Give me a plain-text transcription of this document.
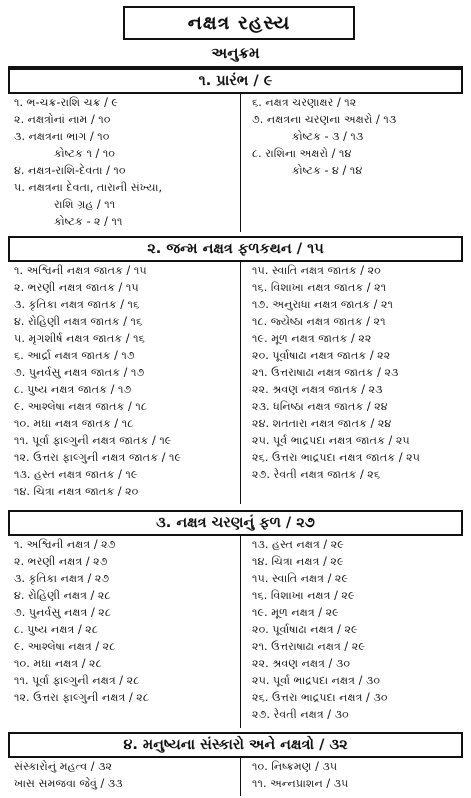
નક્ષત્ર રહસ્ય
અનુક્રમ
૧. પ્રારંભ / ૯
૧. ભ-ચક્ર-રાશિ ચક્ર / ૯
૨. નક્ષત્રોનાં નામ / ૧૦
૩. નક્ષત્રના ભાગ / ૧૦
કોષ્ટક ૧ / ૧૦
૪. નક્ષત્ર-રાશિ-દેવતા / ૧૦
૫. નક્ષત્રના દેવતા, તારાની સંખ્યા,
રાશિ ગ્રહ / ૧૧
કોષ્ટક - ૨ / ૧૧
૬. નક્ષત્ર ચરણાક્ષર / ૧૨
૭. નક્ષત્રના ચરણના અક્ષરો / ૧૩
કોષ્ટક - ૩ / ૧૩
૮. રાશિના અક્ષરો / ૧૪
કોષ્ટક - ૪ / ૧૪
૨. જન્મ નક્ષત્ર ફળકથન / ૧૫
૧. અશ્વિની નક્ષત્ર જાતક / ૧૫
૨. ભરણી નક્ષત્ર જાતક / ૧૫
૩. કૃતિકા નક્ષત્ર જાતક / ૧૬
૪. રોહિણી નક્ષત્ર જાતક / ૧૬
૫. મૃગશીર્ષ નક્ષત્ર જાતક / ૧૬
૬. આર્દ્રા નક્ષત્ર જાતક / ૧૭
૭. પુનર્વસુ નક્ષત્ર જાતક / ૧૭
૮. પુષ્ય નક્ષત્ર જાતક / ૧૭
૯. આશ્લેષા નક્ષત્ર જાતક / ૧૮
૧૦. મઘા નક્ષત્ર જાતક / ૧૮
૧૧. પૂર્વા ફાલ્ગુની નક્ષત્ર જાતક / ૧૯
૧૨. ઉત્તરા ફાલ્ગુની નક્ષત્ર જાતક / ૧૯
૧૩. હસ્ત નક્ષત્ર જાતક / ૧૯
૧૪. ચિત્રા નક્ષત્ર જાતક / ૨૦
૧૫. સ્વાતિ નક્ષત્ર જાતક / ૨૦
૧૬. વિશાખા નક્ષત્ર જાતક / ૨૧
૧૭. અનુરાધા નક્ષત્ર જાતક / ૨૧
૧૮. જ્યેષ્ઠા નક્ષત્ર જાતક / ૨૧
૧૯. મૂળ નક્ષત્ર જાતક / ૨૨
૨૦. પૂર્વાષાઢા નક્ષત્ર જાતક / ૨૨
૨૧. ઉત્તરાષાઢા નક્ષત્ર જાતક / ૨૩
૨૨. શ્રવણ નક્ષત્ર જાતક / ૨૩
૨૩. ધનિષ્ઠા નક્ષત્ર જાતક / ૨૪
૨૪. શતતારા નક્ષત્ર જાતક / ૨૪
૨૫. પૂર્વ ભાદ્રપદા નક્ષત્ર જાતક / ૨૫
૨૬. ઉત્તરા ભાદ્રપદા નક્ષત્ર જાતક / ૨૫
૨૭. રેવતી નક્ષત્ર જાતક / ૨૬
૩. નક્ષત્ર ચરણનું ફળ / ૨૭
૧. અશ્વિની નક્ષત્ર / ૨૭
૨. ભરણી નક્ષત્ર / ૨૭
૩. કૃતિકા નક્ષત્ર / ૨૭
૪. રોહિણી નક્ષત્ર / ૨૮
૭. પુનર્વસુ નક્ષત્ર / ૨૮
૮. પુષ્ય નક્ષત્ર / ૨૮
૯. આશ્લેષા નક્ષત્ર / ૨૮
૧૦. મઘા નક્ષત્ર / ૨૮
૧૧. પૂર્વા ફાલ્ગુની નક્ષત્ર / ૨૮
૧૨. ઉત્તરા ફાલ્ગુની નક્ષત્ર / ૨૮
૧૩. હસ્ત નક્ષત્ર / ૨૯
૧૪. ચિત્રા નક્ષત્ર / ૨૯
૧૫. સ્વાતિ નક્ષત્ર / ૨૯
૧૬. વિશાખા નક્ષત્ર / ૨૯
૧૯. મૂળ નક્ષત્ર / ૨૯
૨૦. પૂર્વાષાઢા નક્ષત્ર / ૨૯
૨૧. ઉત્તરાષાઢા નક્ષત્ર / ૨૯
૨૨. શ્રવણ નક્ષત્ર / ૩૦
૨૫. પૂર્વા ભાદ્રપદા નક્ષત્ર / ૩૦
૨૬. ઉત્તરા ભાદ્રપદા નક્ષત્ર / ૩૦
૨૭. રેવતી નક્ષત્ર / ૩૦
૪. મનુષ્યના સંસ્કારો અને નક્ષત્રો / ૩૨
સંસ્કારોનું મહત્વ / ૩૨
ખાસ સમજવા જેવું / ૩૩
૧૦. નિષ્ક્રમણ / ૩૫
૧૧. અન્નપ્રાશન / ૩૫
